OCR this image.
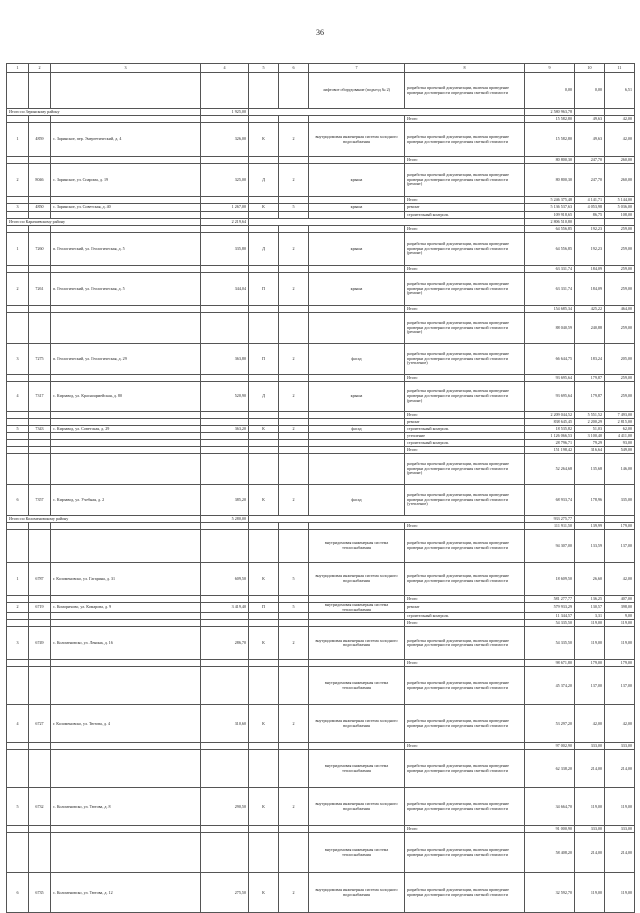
36
1	2	3	4	5	6	7	8	9	10	11
						лифтовое оборудование (подъезд № 2)	разработка проектной документации, включая проведение проверки достоверности определения сметной стоимости	0,00	0,00	6,51
Итого по Зеринскому району			1 925,00					2 580 963,78		
							Итого	15 582,80	49,63	42,00
1	4859	с. Заринское, пер. Энергетический, д. 4	326,00	К	2	внутридомовая инженерная система холодного водоснабжения	разработка проектной документации, включая проведение проверки достоверности определения сметной стоимости	15 582,80	49,63	42,00
							Итого	80 800,30	247,70	260,00
2	8046	с. Заринское, ул. Спарома, д. 19	325,00	Д	2	крыша	разработка проектной документации, включая проведение проверки достоверности определения сметной стоимости (ремонт)	80 800,30	247,70	260,00
							Итого	5 246 375,48	4 141,71	5 144,00
3	4850	с. Заринское, ул. Советская, д. 40	1 267,00	К	5	крыша	ремонт	5 136 537,63	4 053,98	5 036,00
							строительный контроль	109 918,65	86,75	108,00
Итого по Карачаевскому району			2 219,64					2 806 510,80		
							Итого	64 556,85	192,23	259,00
1	7260	п. Геологический, ул. Геологическая, д. 5	335,80	Д	2	крыша	разработка проектной документации, включая проведение проверки достоверности определения сметной стоимости (ремонт)	64 556,85	192,23	259,00
							Итого	63 331,74	184,09	259,00
2	7261	п. Геологический, ул. Геологическая, д. 5	344,04	П	2	крыша	разработка проектной документации, включая проведение проверки достоверности определения сметной стоимости (ремонт)	63 331,74	184,09	259,00
							Итого	154 685,34	425,22	464,00
							разработка проектной документации, включая проведение проверки достоверности определения сметной стоимости (ремонт)	88 040,59	240,88	259,00
3	7275	п. Геологический, ул. Геологическая, д. 29	363,80	П	2	фасад	разработка проектной документации, включая проведение проверки достоверности определения сметной стоимости (утепление)	66 644,75	183,24	205,00
							Итого	93 695,64	179,87	259,00
4	7317	с. Кирзавод, ул. Красноармейская, д. 80	520,90	Д	2	крыша	разработка проектной документации, включая проведение проверки достоверности определения сметной стоимости (ремонт)	93 695,64	179,87	259,00
							Итого	2 209 044,52	5 551,52	7 493,00
							ремонт	838 645,45	2 200,29	2 815,00
5	7343	с. Кирзавод, ул. Советская, д. 29	363,20	К	2	фасад	строительный контроль	18 535,82	51,03	62,00
							утепление	1 126 066,53	3 100,40	4 411,00
							строительный контроль	28 796,71	79,29	93,00
							Итого	151 198,42	316,64	549,00
							разработка проектной документации, включая проведение проверки достоверности определения сметной стоимости (ремонт)	52 264,68	135,68	146,00
6	7357	с. Кирзавод, ул. Учебная, д. 2	385,20	К	2	фасад	разработка проектной документации, включая проведение проверки достоверности определения сметной стоимости (утепление)	68 933,74	178,96	335,00
Итого по Коломеновскому району			5 280,00					933 275,77		
							Итого	111 911,50	139,99	179,00
						внутридомовая инженерная система теплоснабжения	разработка проектной документации, включая проведение проверки достоверности определения сметной стоимости	94 307,00	133,59	137,00
1	6787	г. Коломеновско, ул. Гагарина, д. 31	609,50	К	5	внутридомовая инженерная система холодного водоснабжения	разработка проектной документации, включая проведение проверки достоверности определения сметной стоимости	18 609,50	26,60	42,00
							Итого	581 277,77	136,25	407,00
2	6719	с. Коморичово, ул. Комарова, д. 9	3 419,40	П	5	внутридомовая инженерная система теплоснабжения	ремонт	579 933,29	130,57	398,00
							строительный контроль	11 344,57	3,31	9,00
							Итого	54 335,50	119,00	119,00
3	6749	с. Коломеновско, ул. Ленина, д. 16	286,70	К	2	внутридомовая инженерная система холодного водоснабжения	разработка проектной документации, включая проведение проверки достоверности определения сметной стоимости	54 335,50	119,00	119,00
							Итого	98 671,80	179,00	179,00
						внутридомовая инженерная система теплоснабжения	разработка проектной документации, включая проведение проверки достоверности определения сметной стоимости	45 374,20	137,00	137,00
4	6727	г. Коломеновско, ул. Тютова, д. 4	310,60	К	2	внутридомовая инженерная система холодного водоснабжения	разработка проектной документации, включая проведение проверки достоверности определения сметной стоимости	53 297,20	42,00	42,00
							Итого	97 002,90	333,00	333,00
						внутридомовая инженерная система теплоснабжения	разработка проектной документации, включая проведение проверки достоверности определения сметной стоимости	62 338,20	214,00	214,00
5	6732	с. Коломеновско, ул. Тютова, д. 8	290,50	К	2	внутридомовая инженерная система холодного водоснабжения	разработка проектной документации, включая проведение проверки достоверности определения сметной стоимости	34 664,70	119,00	119,00
							Итого	91 000,90	333,00	333,00
						внутридомовая инженерная система теплоснабжения	разработка проектной документации, включая проведение проверки достоверности определения сметной стоимости	58 408,20	214,00	214,00
6	6735	с. Коломеновско, ул. Тютова, д. 12	275,50	К	2	внутридомовая инженерная система холодного водоснабжения	разработка проектной документации, включая проведение проверки достоверности определения сметной стоимости	32 592,70	119,00	119,00
